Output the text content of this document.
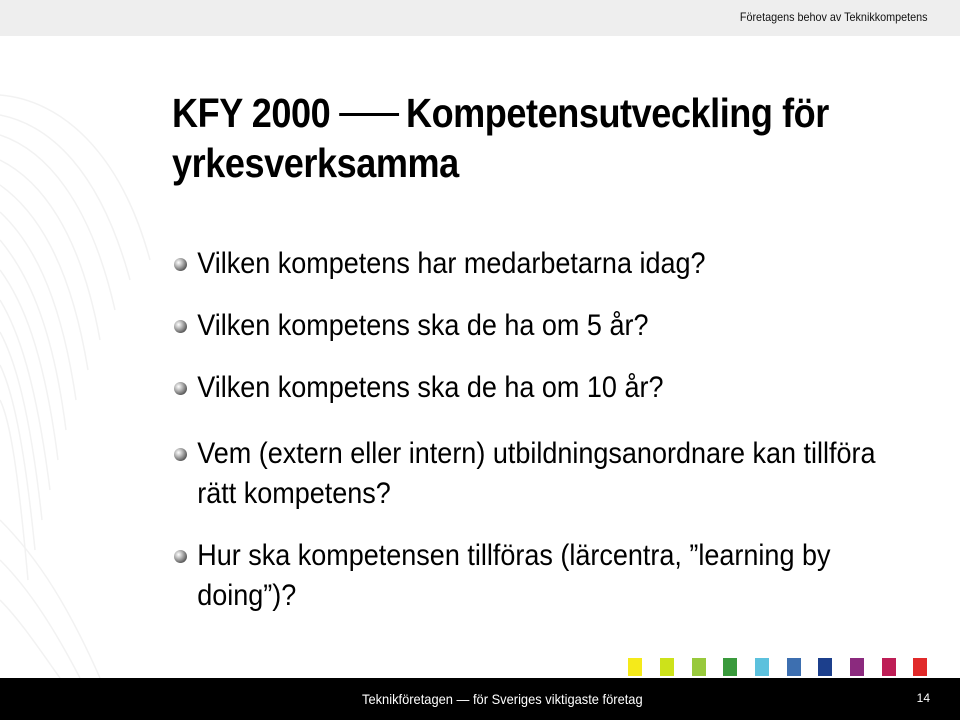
Företagens behov av Teknikkompetens
KFY 2000 Kompetensutveckling för
yrkesverksamma
Vilken kompetens har medarbetarna idag?
Vilken kompetens ska de ha om 5 år?
Vilken kompetens ska de ha om 10 år?
Vem (extern eller intern) utbildningsanordnare kan tillföra rätt kompetens?
Hur ska kompetensen tillföras (lärcentra, ”learning by doing”)?
Teknikföretagen — för Sveriges viktigaste företag	14
